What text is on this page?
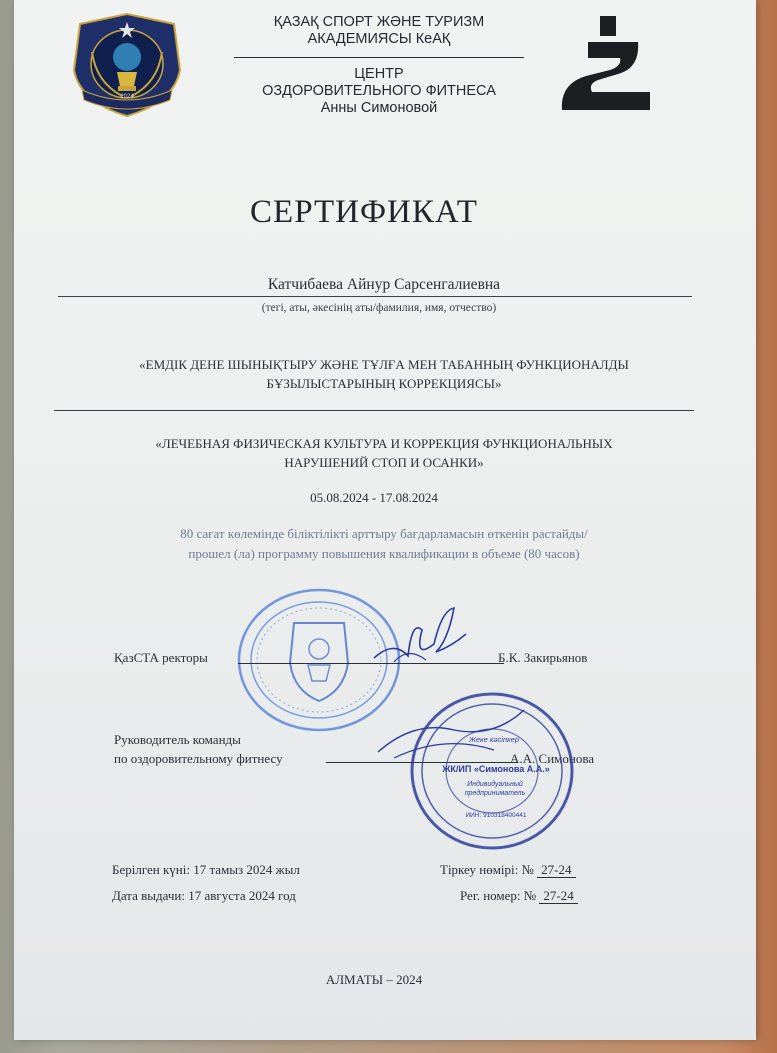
2024
ҚАЗАҚ СПОРТ ЖӘНЕ ТУРИЗМ
АКАДЕМИЯСЫ КеАҚ
ЦЕНТР
ОЗДОРОВИТЕЛЬНОГО ФИТНЕСА
Анны Симоновой
СЕРТИФИКАТ
Катчибаева Айнур Сарсенгалиевна
(тегі, аты, әкесінің аты/фамилия, имя, отчество)
«ЕМДІК ДЕНЕ ШЫНЫҚТЫРУ ЖӘНЕ ТҰЛҒА МЕН ТАБАННЫҢ ФУНКЦИОНАЛДЫ
БҰЗЫЛЫСТАРЫНЫҢ КОРРЕКЦИЯСЫ»
«ЛЕЧЕБНАЯ ФИЗИЧЕСКАЯ КУЛЬТУРА И КОРРЕКЦИЯ ФУНКЦИОНАЛЬНЫХ
НАРУШЕНИЙ СТОП И ОСАНКИ»
05.08.2024 - 17.08.2024
80 сағат көлемінде біліктілікті арттыру бағдарламасын өткенін растайды/
прошел (ла) программу повышения квалификации в объеме (80 часов)
ҚазСТА ректоры	Б.К. Закирьянов
Руководитель команды
по оздоровительному фитнесу	А.А. Симонова
Жеке кәсіпкер
ЖК/ИП «Симонова А.А.»
Индивидуальный предприниматель
ИИН: 910318400441
Берілген күні: 17 тамыз 2024 жыл
Дата выдачи: 17 августа 2024 год
Тіркеу нөмірі: № 27-24
Рег. номер: № 27-24
АЛМАТЫ – 2024
